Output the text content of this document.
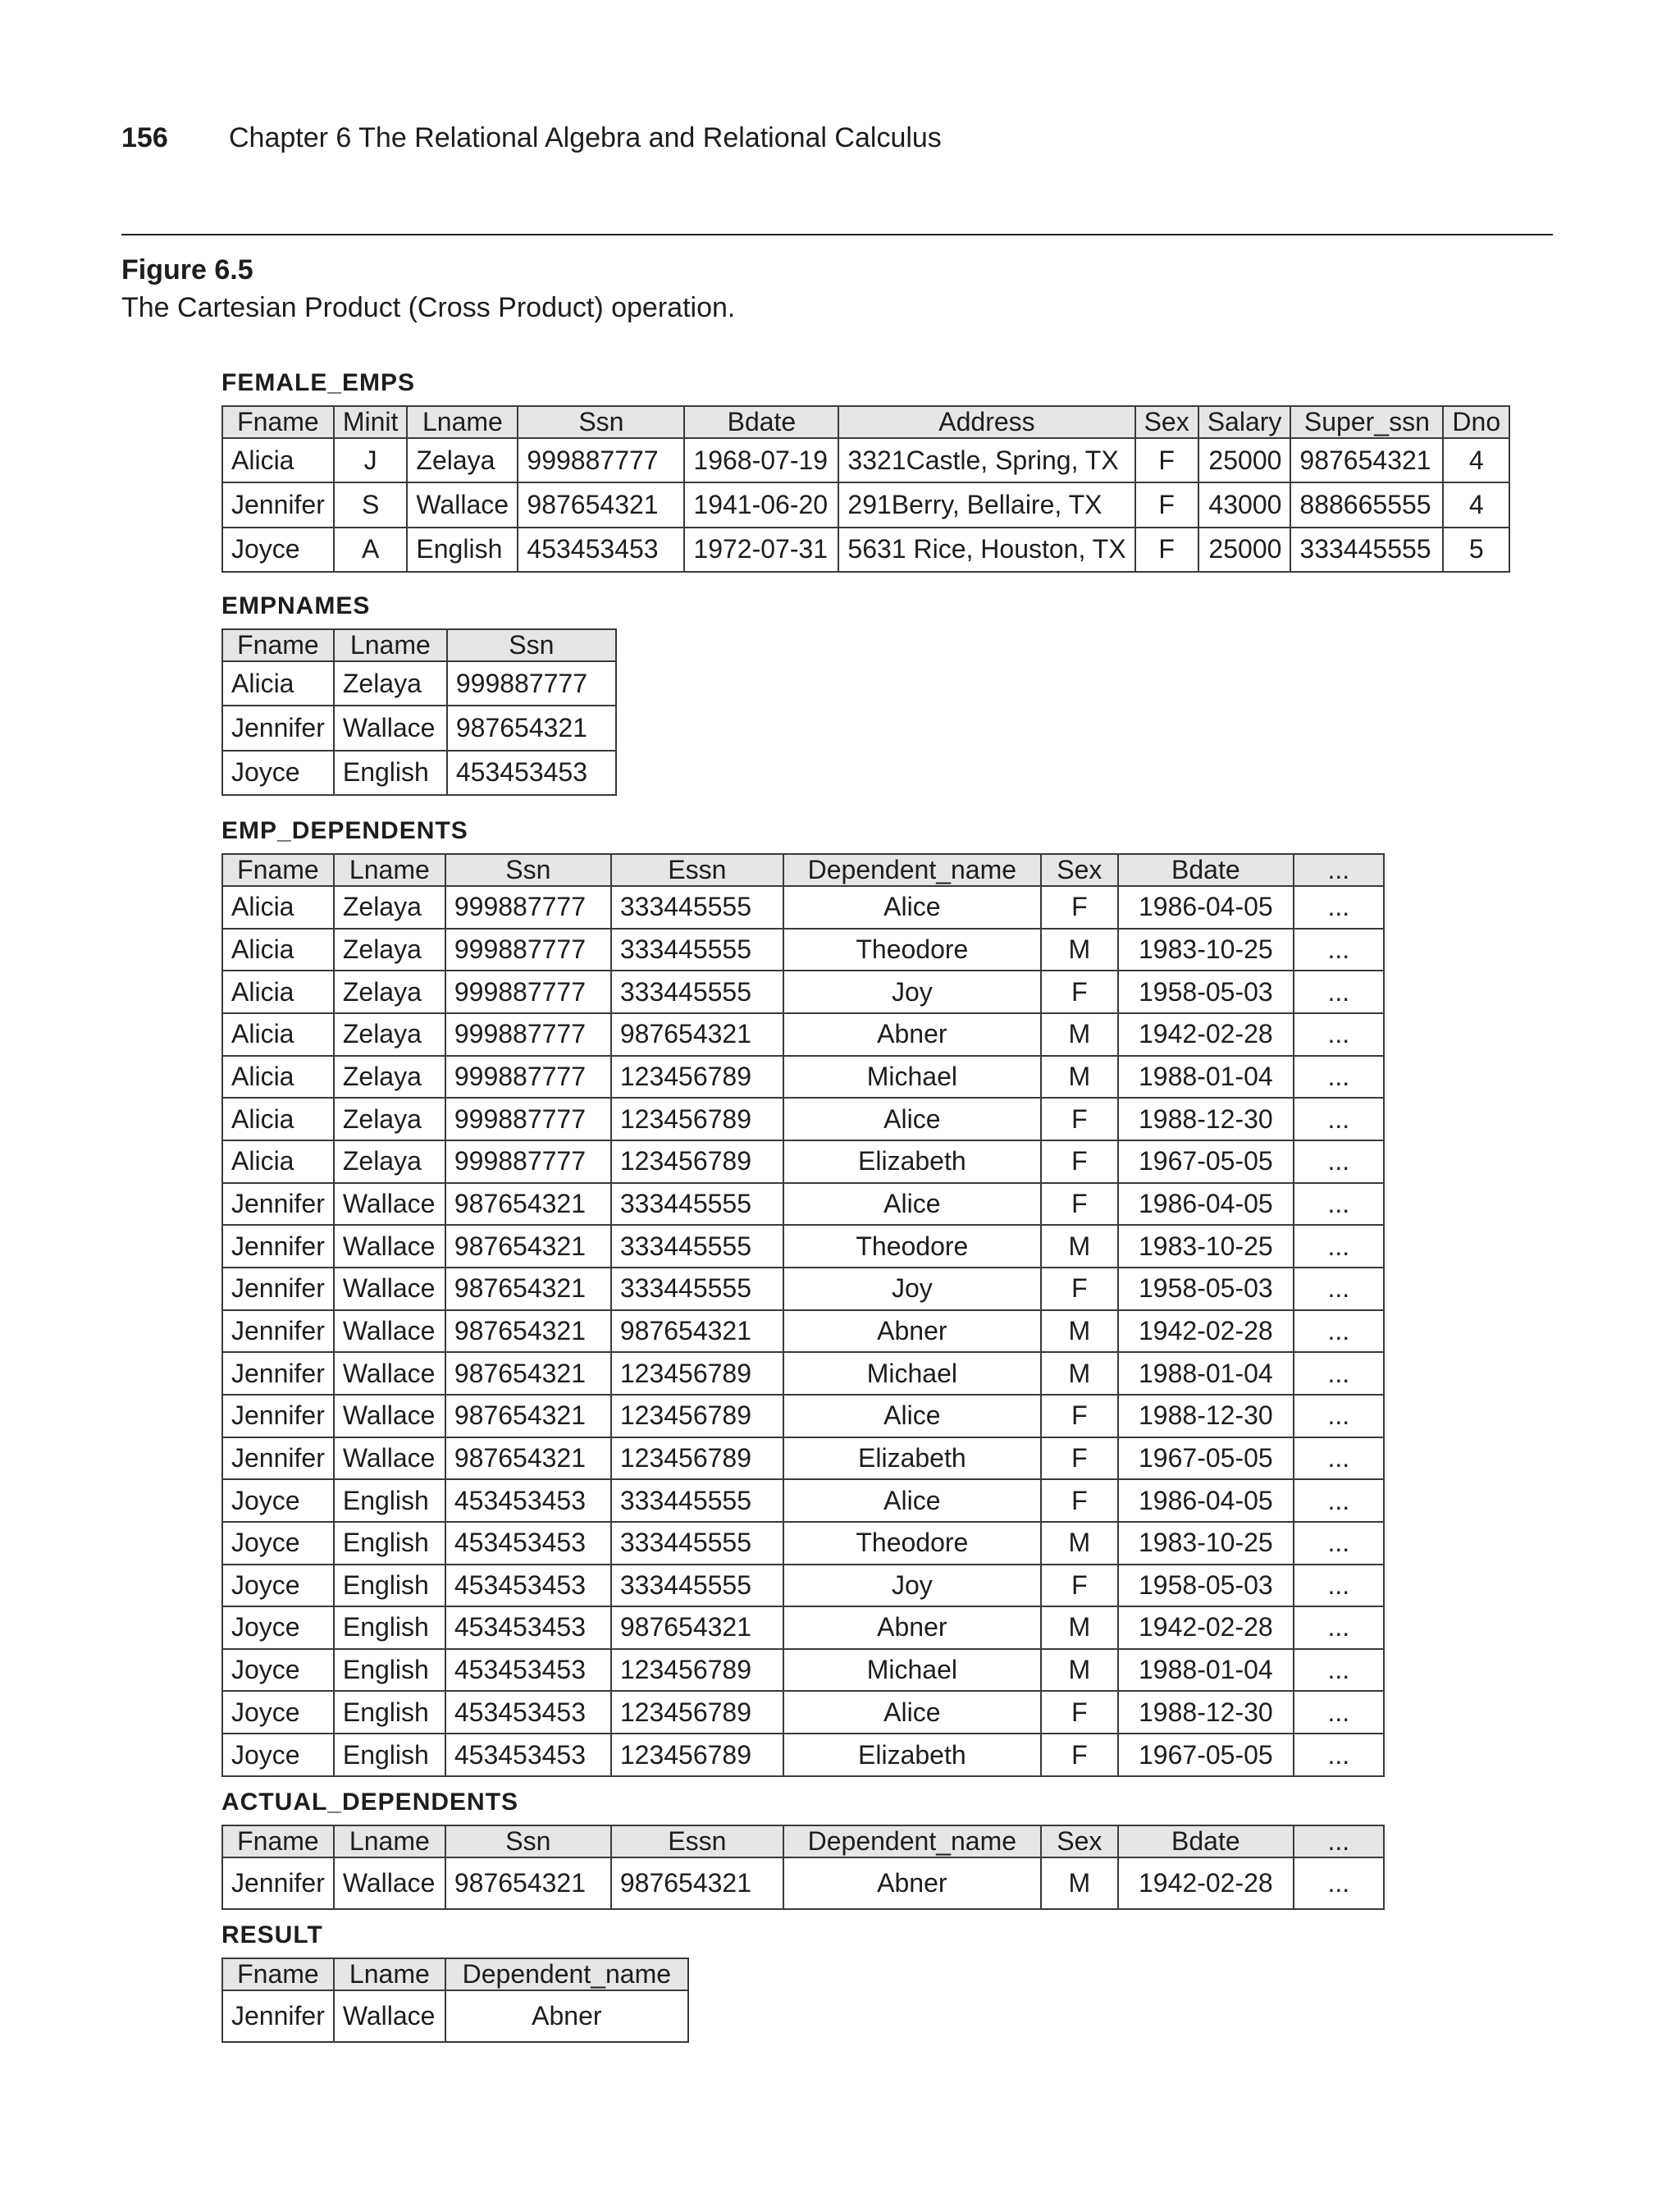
156	Chapter 6 The Relational Algebra and Relational Calculus
Figure 6.5
The Cartesian Product (Cross Product) operation.
FEMALE_EMPS
Fname	Minit	Lname	Ssn	Bdate	Address	Sex	Salary	Super_ssn	Dno
Alicia	J	Zelaya	999887777	1968-07-19	3321Castle, Spring, TX	F	25000	987654321	4
Jennifer	S	Wallace	987654321	1941-06-20	291Berry, Bellaire, TX	F	43000	888665555	4
Joyce	A	English	453453453	1972-07-31	5631 Rice, Houston, TX	F	25000	333445555	5
EMPNAMES
Fname	Lname	Ssn
Alicia	Zelaya	999887777
Jennifer	Wallace	987654321
Joyce	English	453453453
EMP_DEPENDENTS
Fname	Lname	Ssn	Essn	Dependent_name	Sex	Bdate	...
Alicia	Zelaya	999887777	333445555	Alice	F	1986-04-05	...
Alicia	Zelaya	999887777	333445555	Theodore	M	1983-10-25	...
Alicia	Zelaya	999887777	333445555	Joy	F	1958-05-03	...
Alicia	Zelaya	999887777	987654321	Abner	M	1942-02-28	...
Alicia	Zelaya	999887777	123456789	Michael	M	1988-01-04	...
Alicia	Zelaya	999887777	123456789	Alice	F	1988-12-30	...
Alicia	Zelaya	999887777	123456789	Elizabeth	F	1967-05-05	...
Jennifer	Wallace	987654321	333445555	Alice	F	1986-04-05	...
Jennifer	Wallace	987654321	333445555	Theodore	M	1983-10-25	...
Jennifer	Wallace	987654321	333445555	Joy	F	1958-05-03	...
Jennifer	Wallace	987654321	987654321	Abner	M	1942-02-28	...
Jennifer	Wallace	987654321	123456789	Michael	M	1988-01-04	...
Jennifer	Wallace	987654321	123456789	Alice	F	1988-12-30	...
Jennifer	Wallace	987654321	123456789	Elizabeth	F	1967-05-05	...
Joyce	English	453453453	333445555	Alice	F	1986-04-05	...
Joyce	English	453453453	333445555	Theodore	M	1983-10-25	...
Joyce	English	453453453	333445555	Joy	F	1958-05-03	...
Joyce	English	453453453	987654321	Abner	M	1942-02-28	...
Joyce	English	453453453	123456789	Michael	M	1988-01-04	...
Joyce	English	453453453	123456789	Alice	F	1988-12-30	...
Joyce	English	453453453	123456789	Elizabeth	F	1967-05-05	...
ACTUAL_DEPENDENTS
Fname	Lname	Ssn	Essn	Dependent_name	Sex	Bdate	...
Jennifer	Wallace	987654321	987654321	Abner	M	1942-02-28	...
RESULT
Fname	Lname	Dependent_name
Jennifer	Wallace	Abner
